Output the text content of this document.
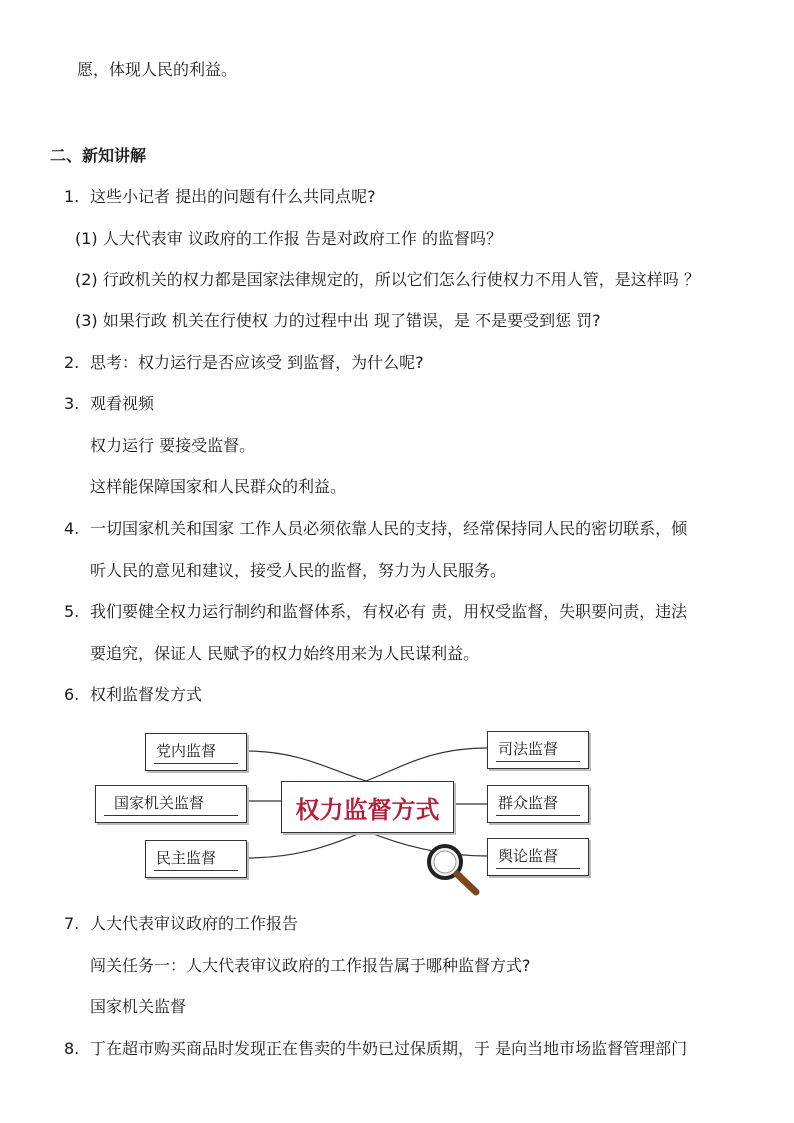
愿，体现人民的利益。
二、新知讲解
1. 这些小记者 提出的问题有什么共同点呢?
(1) 人大代表审 议政府的工作报 告是对政府工作 的监督吗？
(2) 行政机关的权力都是国家法律规定的，所以它们怎么行使权力不用人管，是这样吗 ？
(3) 如果行政 机关在行使权 力的过程中出 现了错误，是 不是要受到惩 罚?
2. 思考：权力运行是否应该受 到监督，为什么呢?
3. 观看视频
权力运行 要接受监督。
这样能保障国家和人民群众的利益。
4. 一切国家机关和国家 工作人员必须依靠人民的支持，经常保持同人民的密切联系，倾
听人民的意见和建议，接受人民的监督，努力为人民服务。
5. 我们要健全权力运行制约和监督体系，有权必有 责，用权受监督，失职要问责，违法
要追究，保证人 民赋予的权力始终用来为人民谋利益。
6. 权利监督发方式
党内监督
国家机关监督
民主监督
权力监督方式
司法监督
群众监督
舆论监督
7. 人大代表审议政府的工作报告
闯关任务一：人大代表审议政府的工作报告属于哪种监督方式?
国家机关监督
8. 丁在超市购买商品时发现正在售卖的牛奶已过保质期，于 是向当地市场监督管理部门
